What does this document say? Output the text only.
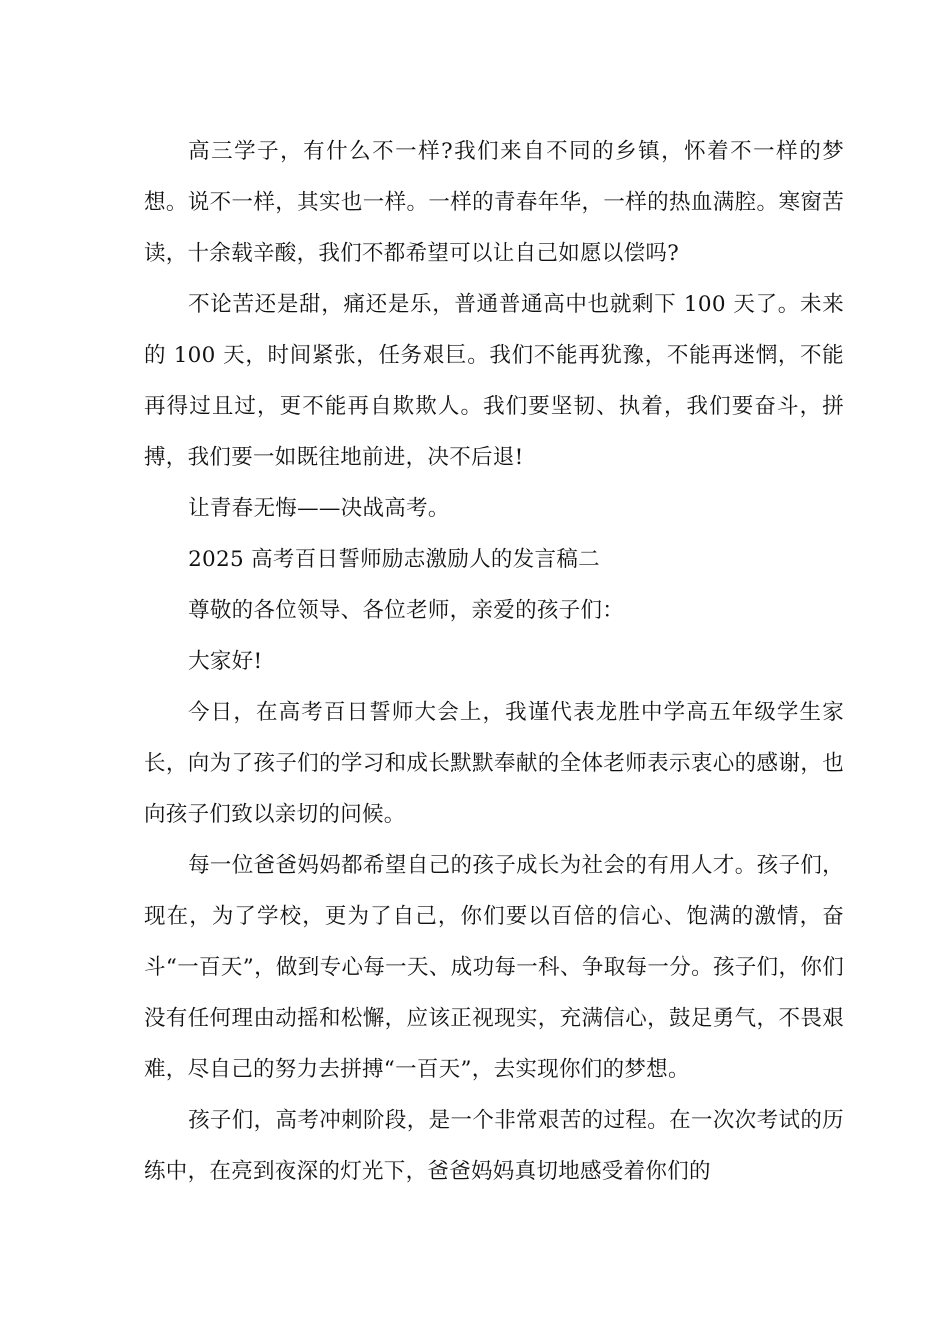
高三学子，有什么不一样?我们来自不同的乡镇，怀着不一样的梦想。说不一样，其实也一样。一样的青春年华，一样的热血满腔。寒窗苦读，十余载辛酸，我们不都希望可以让自己如愿以偿吗?

不论苦还是甜，痛还是乐，普通普通高中也就剩下 100 天了。未来的 100 天，时间紧张，任务艰巨。我们不能再犹豫，不能再迷惘，不能再得过且过，更不能再自欺欺人。我们要坚韧、执着，我们要奋斗，拼搏，我们要一如既往地前进，决不后退!

让青春无悔——决战高考。

2025 高考百日誓师励志激励人的发言稿二

尊敬的各位领导、各位老师，亲爱的孩子们：

大家好!

今日，在高考百日誓师大会上，我谨代表龙胜中学高五年级学生家长，向为了孩子们的学习和成长默默奉献的全体老师表示衷心的感谢，也向孩子们致以亲切的问候。

每一位爸爸妈妈都希望自己的孩子成长为社会的有用人才。孩子们，现在，为了学校，更为了自己，你们要以百倍的信心、饱满的激情，奋斗“一百天”，做到专心每一天、成功每一科、争取每一分。孩子们，你们没有任何理由动摇和松懈，应该正视现实，充满信心，鼓足勇气，不畏艰难，尽自己的努力去拼搏“一百天”，去实现你们的梦想。

孩子们，高考冲刺阶段，是一个非常艰苦的过程。在一次次考试的历练中，在亮到夜深的灯光下，爸爸妈妈真切地感受着你们的
